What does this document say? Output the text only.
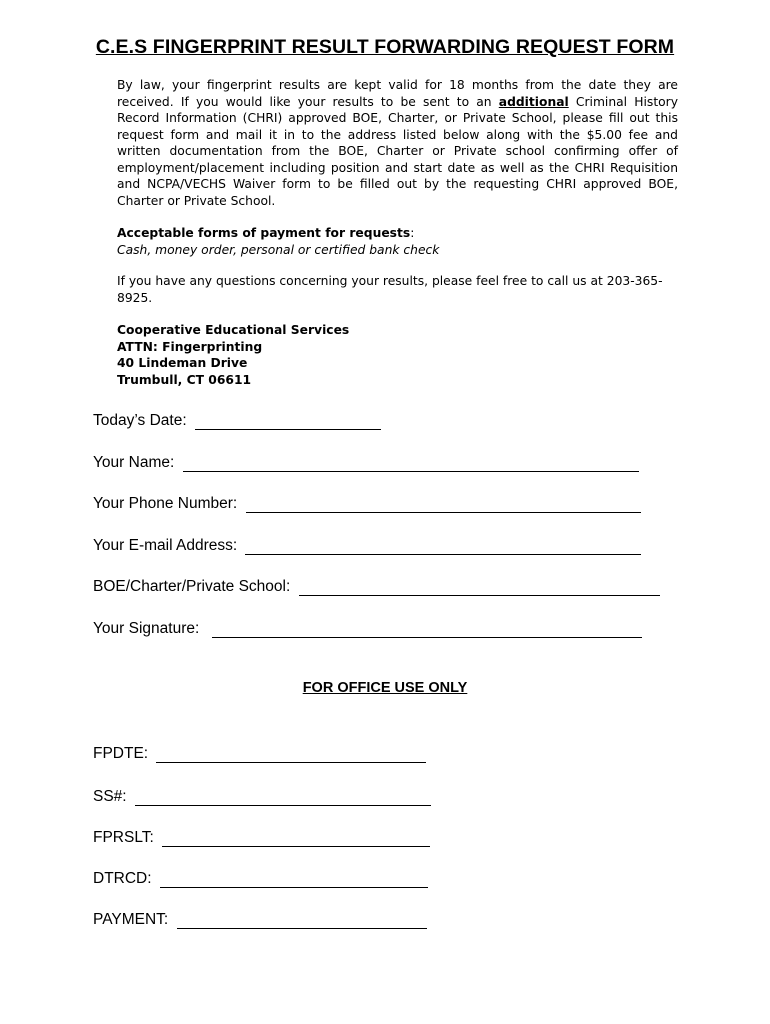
C.E.S FINGERPRINT RESULT FORWARDING REQUEST FORM
By law, your fingerprint results are kept valid for 18 months from the date they are received. If you would like your results to be sent to an additional Criminal History Record Information (CHRI) approved BOE, Charter, or Private School, please fill out this request form and mail it in to the address listed below along with the $5.00 fee and written documentation from the BOE, Charter or Private school confirming offer of employment/placement including position and start date as well as the CHRI Requisition and NCPA/VECHS Waiver form to be filled out by the requesting CHRI approved BOE, Charter or Private School.
Acceptable forms of payment for requests:
Cash, money order, personal or certified bank check
If you have any questions concerning your results, please feel free to call us at 203-365-8925.
Cooperative Educational Services
ATTN: Fingerprinting
40 Lindeman Drive
Trumbull, CT 06611
Today’s Date:
Your Name:
Your Phone Number:
Your E-mail Address:
BOE/Charter/Private School:
Your Signature:
FOR OFFICE USE ONLY
FPDTE:
SS#:
FPRSLT:
DTRCD:
PAYMENT:
